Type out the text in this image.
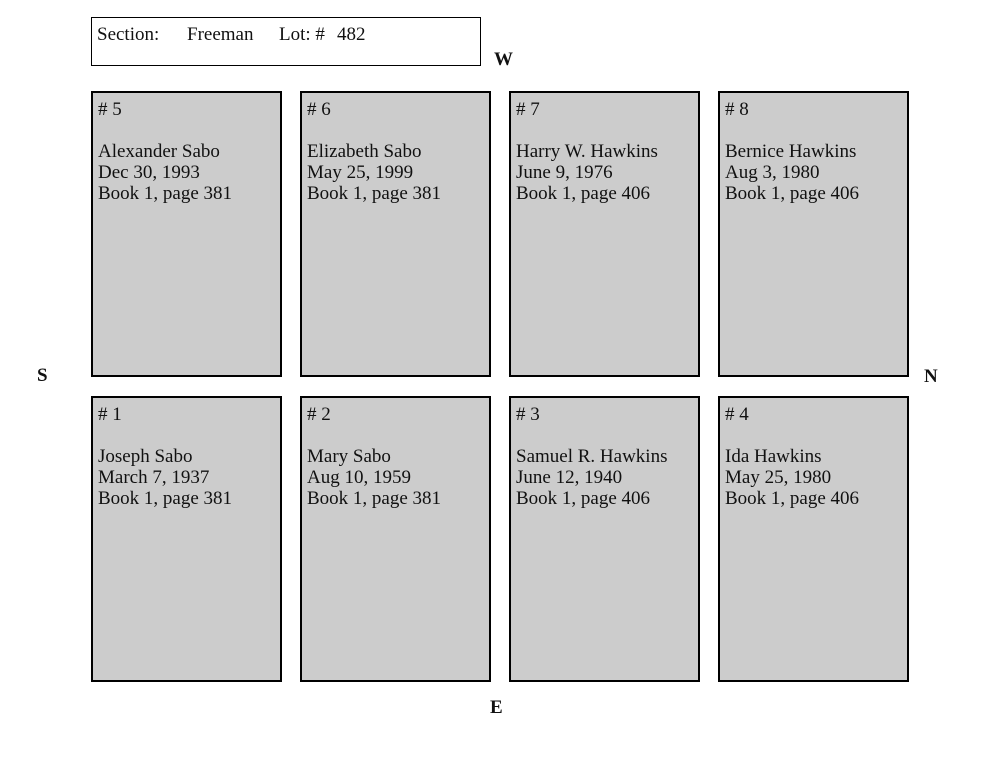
Section: Freeman Lot: # 482
W
S	N
E
# 5
Alexander Sabo
Dec 30, 1993
Book 1, page 381
# 6
Elizabeth Sabo
May 25, 1999
Book 1, page 381
# 7
Harry W. Hawkins
June 9, 1976
Book 1, page 406
# 8
Bernice Hawkins
Aug 3, 1980
Book 1, page 406
# 1
Joseph Sabo
March 7, 1937
Book 1, page 381
# 2
Mary Sabo
Aug 10, 1959
Book 1, page 381
# 3
Samuel R. Hawkins
June 12, 1940
Book 1, page 406
# 4
Ida Hawkins
May 25, 1980
Book 1, page 406
